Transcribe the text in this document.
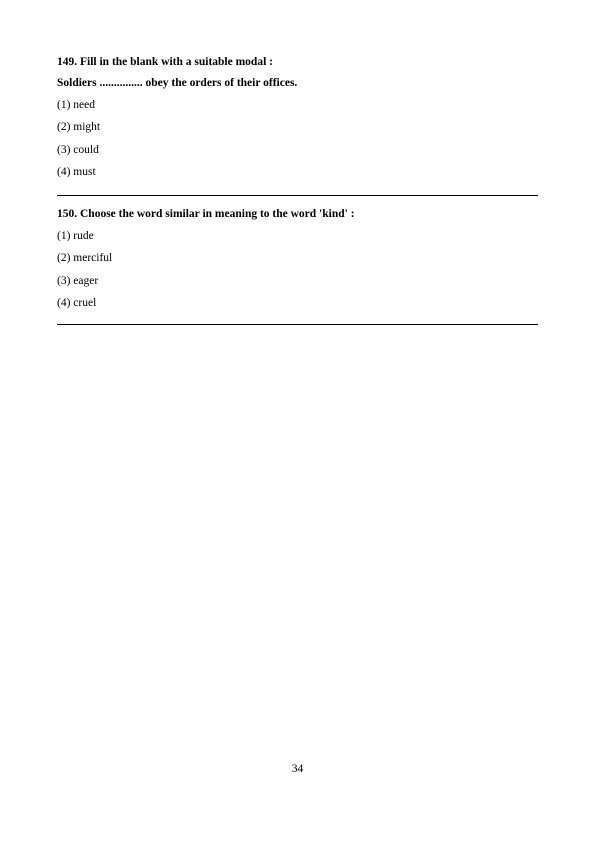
149. Fill in the blank with a suitable modal :
Soldiers ............... obey the orders of their offices.
(1) need
(2) might
(3) could
(4) must
150. Choose the word similar in meaning to the word 'kind' :
(1) rude
(2) merciful
(3) eager
(4) cruel
34
